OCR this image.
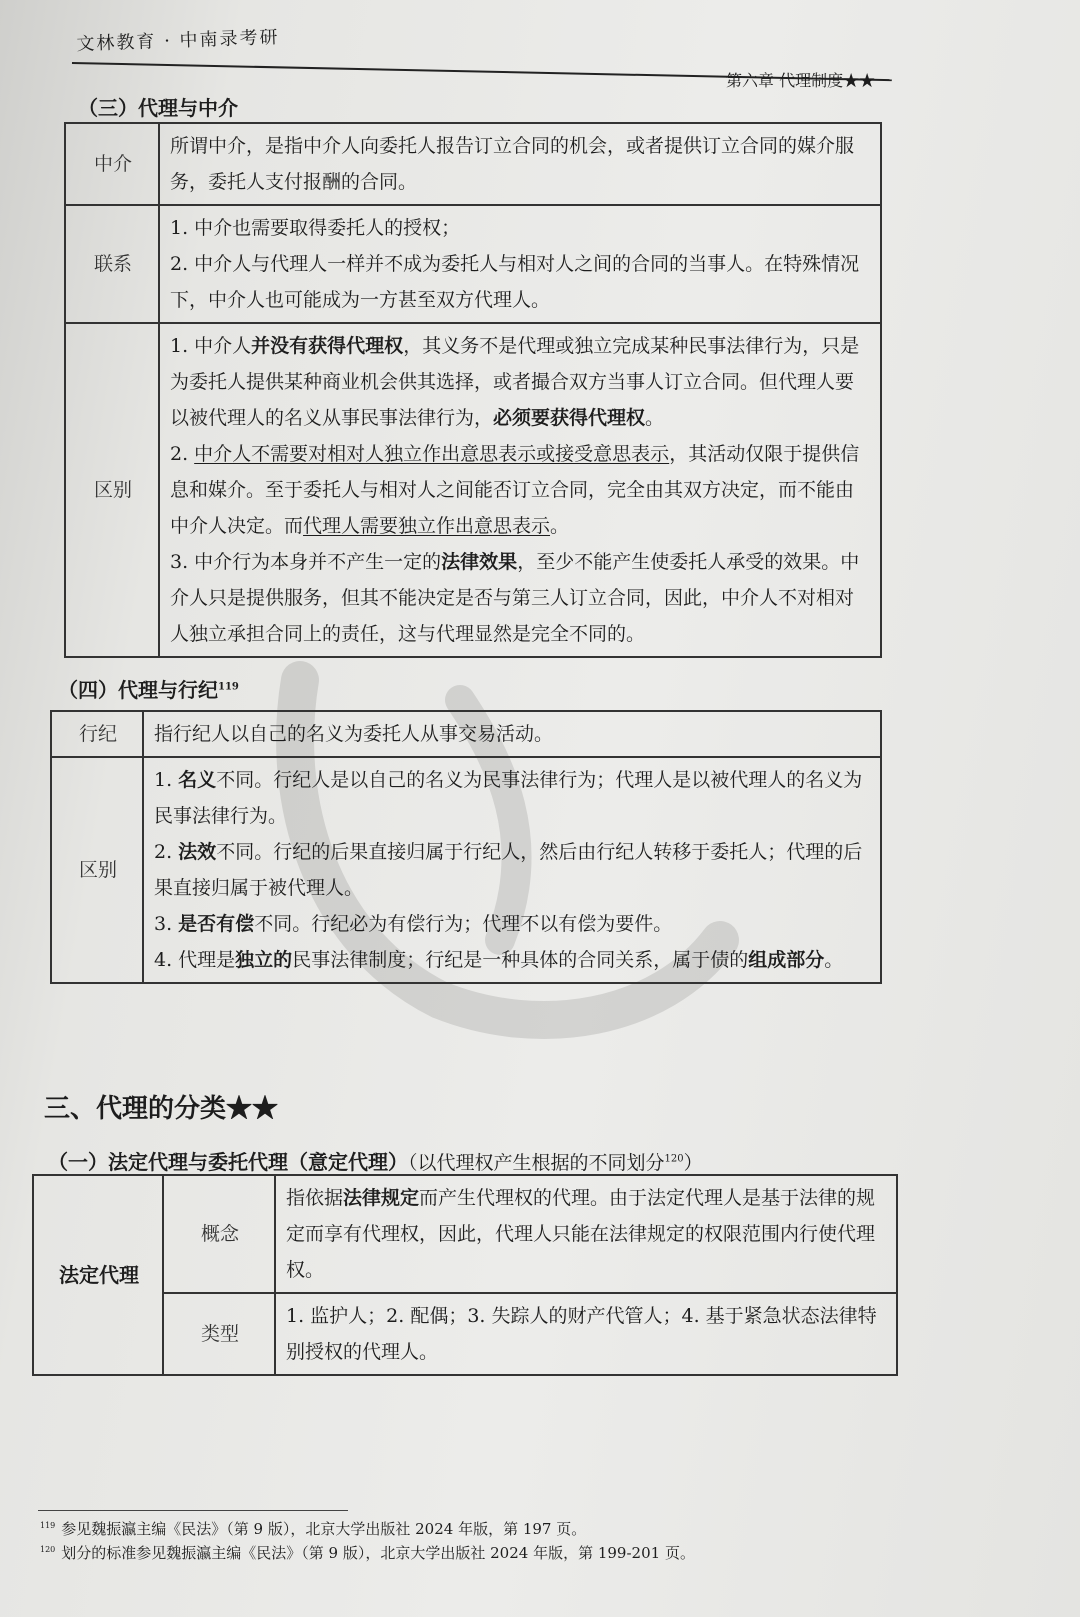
文林教育 · 中南录考研
第六章 代理制度★★
（三）代理与中介
中介	所谓中介，是指中介人向委托人报告订立合同的机会，或者提供订立合同的媒介服务，委托人支付报酬的合同。
联系	1. 中介也需要取得委托人的授权；
2. 中介人与代理人一样并不成为委托人与相对人之间的合同的当事人。在特殊情况下，中介人也可能成为一方甚至双方代理人。

区别	1. 中介人并没有获得代理权，其义务不是代理或独立完成某种民事法律行为，只是为委托人提供某种商业机会供其选择，或者撮合双方当事人订立合同。但代理人要以被代理人的名义从事民事法律行为，必须要获得代理权。
2. 中介人不需要对相对人独立作出意思表示或接受意思表示，其活动仅限于提供信息和媒介。至于委托人与相对人之间能否订立合同，完全由其双方决定，而不能由中介人决定。而代理人需要独立作出意思表示。
3. 中介行为本身并不产生一定的法律效果，至少不能产生使委托人承受的效果。中介人只是提供服务，但其不能决定是否与第三人订立合同，因此，中介人不对相对人独立承担合同上的责任，这与代理显然是完全不同的。
（四）代理与行纪$^{119}$
行纪	指行纪人以自己的名义为委托人从事交易活动。
区别	1. 名义不同。行纪人是以自己的名义为民事法律行为；代理人是以被代理人的名义为民事法律行为。
2. 法效不同。行纪的后果直接归属于行纪人，然后由行纪人转移于委托人；代理的后果直接归属于被代理人。
3. 是否有偿不同。行纪必为有偿行为；代理不以有偿为要件。
4. 代理是独立的民事法律制度；行纪是一种具体的合同关系，属于债的组成部分。
三、代理的分类★★
（一）法定代理与委托代理（意定代理）（以代理权产生根据的不同划分$^{120}$）
法定代理	概念	指依据法律规定而产生代理权的代理。由于法定代理人是基于法律的规定而享有代理权，因此，代理人只能在法律规定的权限范围内行使代理权。
	类型	1. 监护人；2. 配偶；3. 失踪人的财产代管人；4. 基于紧急状态法律特别授权的代理人。
$^{119}$ 参见魏振瀛主编《民法》（第 9 版），北京大学出版社 2024 年版，第 197 页。
$^{120}$ 划分的标准参见魏振瀛主编《民法》（第 9 版），北京大学出版社 2024 年版，第 199-201 页。
